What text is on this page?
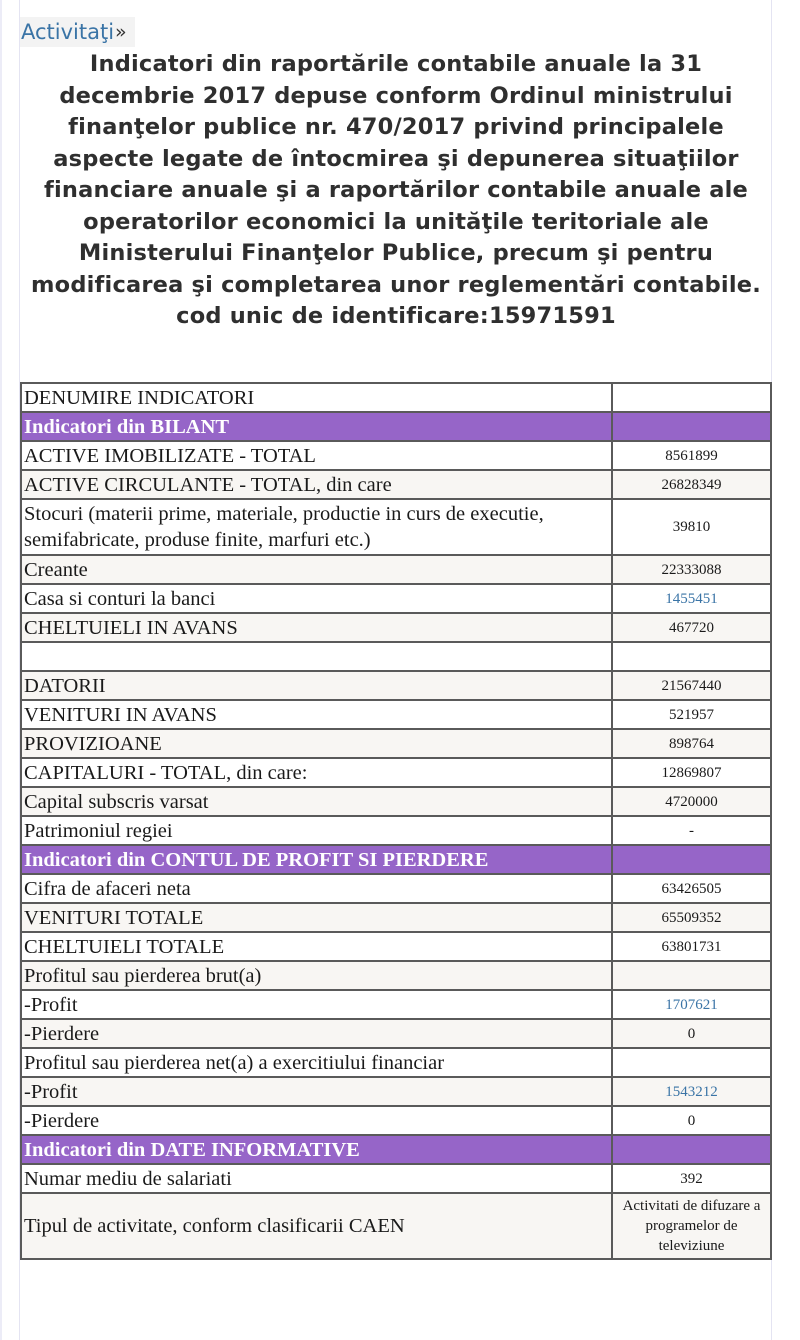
Activitaţi »
Indicatori din raportările contabile anuale la 31 decembrie 2017 depuse conform Ordinul ministrului finanţelor publice nr. 470/2017 privind principalele aspecte legate de întocmirea şi depunerea situaţiilor financiare anuale şi a raportărilor contabile anuale ale operatorilor economici la unităţile teritoriale ale Ministerului Finanţelor Publice, precum şi pentru modificarea şi completarea unor reglementări contabile.
cod unic de identificare:15971591
DENUMIRE INDICATORI	
Indicatori din BILANT	
ACTIVE IMOBILIZATE - TOTAL	8561899
ACTIVE CIRCULANTE - TOTAL, din care	26828349
Stocuri (materii prime, materiale, productie in curs de executie, semifabricate, produse finite, marfuri etc.)	39810
Creante	22333088
Casa si conturi la banci	1455451
CHELTUIELI IN AVANS	467720

DATORII	21567440
VENITURI IN AVANS	521957
PROVIZIOANE	898764
CAPITALURI - TOTAL, din care:	12869807
Capital subscris varsat	4720000
Patrimoniul regiei	-
Indicatori din CONTUL DE PROFIT SI PIERDERE	
Cifra de afaceri neta	63426505
VENITURI TOTALE	65509352
CHELTUIELI TOTALE	63801731
Profitul sau pierderea brut(a)	
-Profit	1707621
-Pierdere	0
Profitul sau pierderea net(a) a exercitiului financiar	
-Profit	1543212
-Pierdere	0
Indicatori din DATE INFORMATIVE	
Numar mediu de salariati	392
Tipul de activitate, conform clasificarii CAEN	Activitati de difuzare a programelor de televiziune
